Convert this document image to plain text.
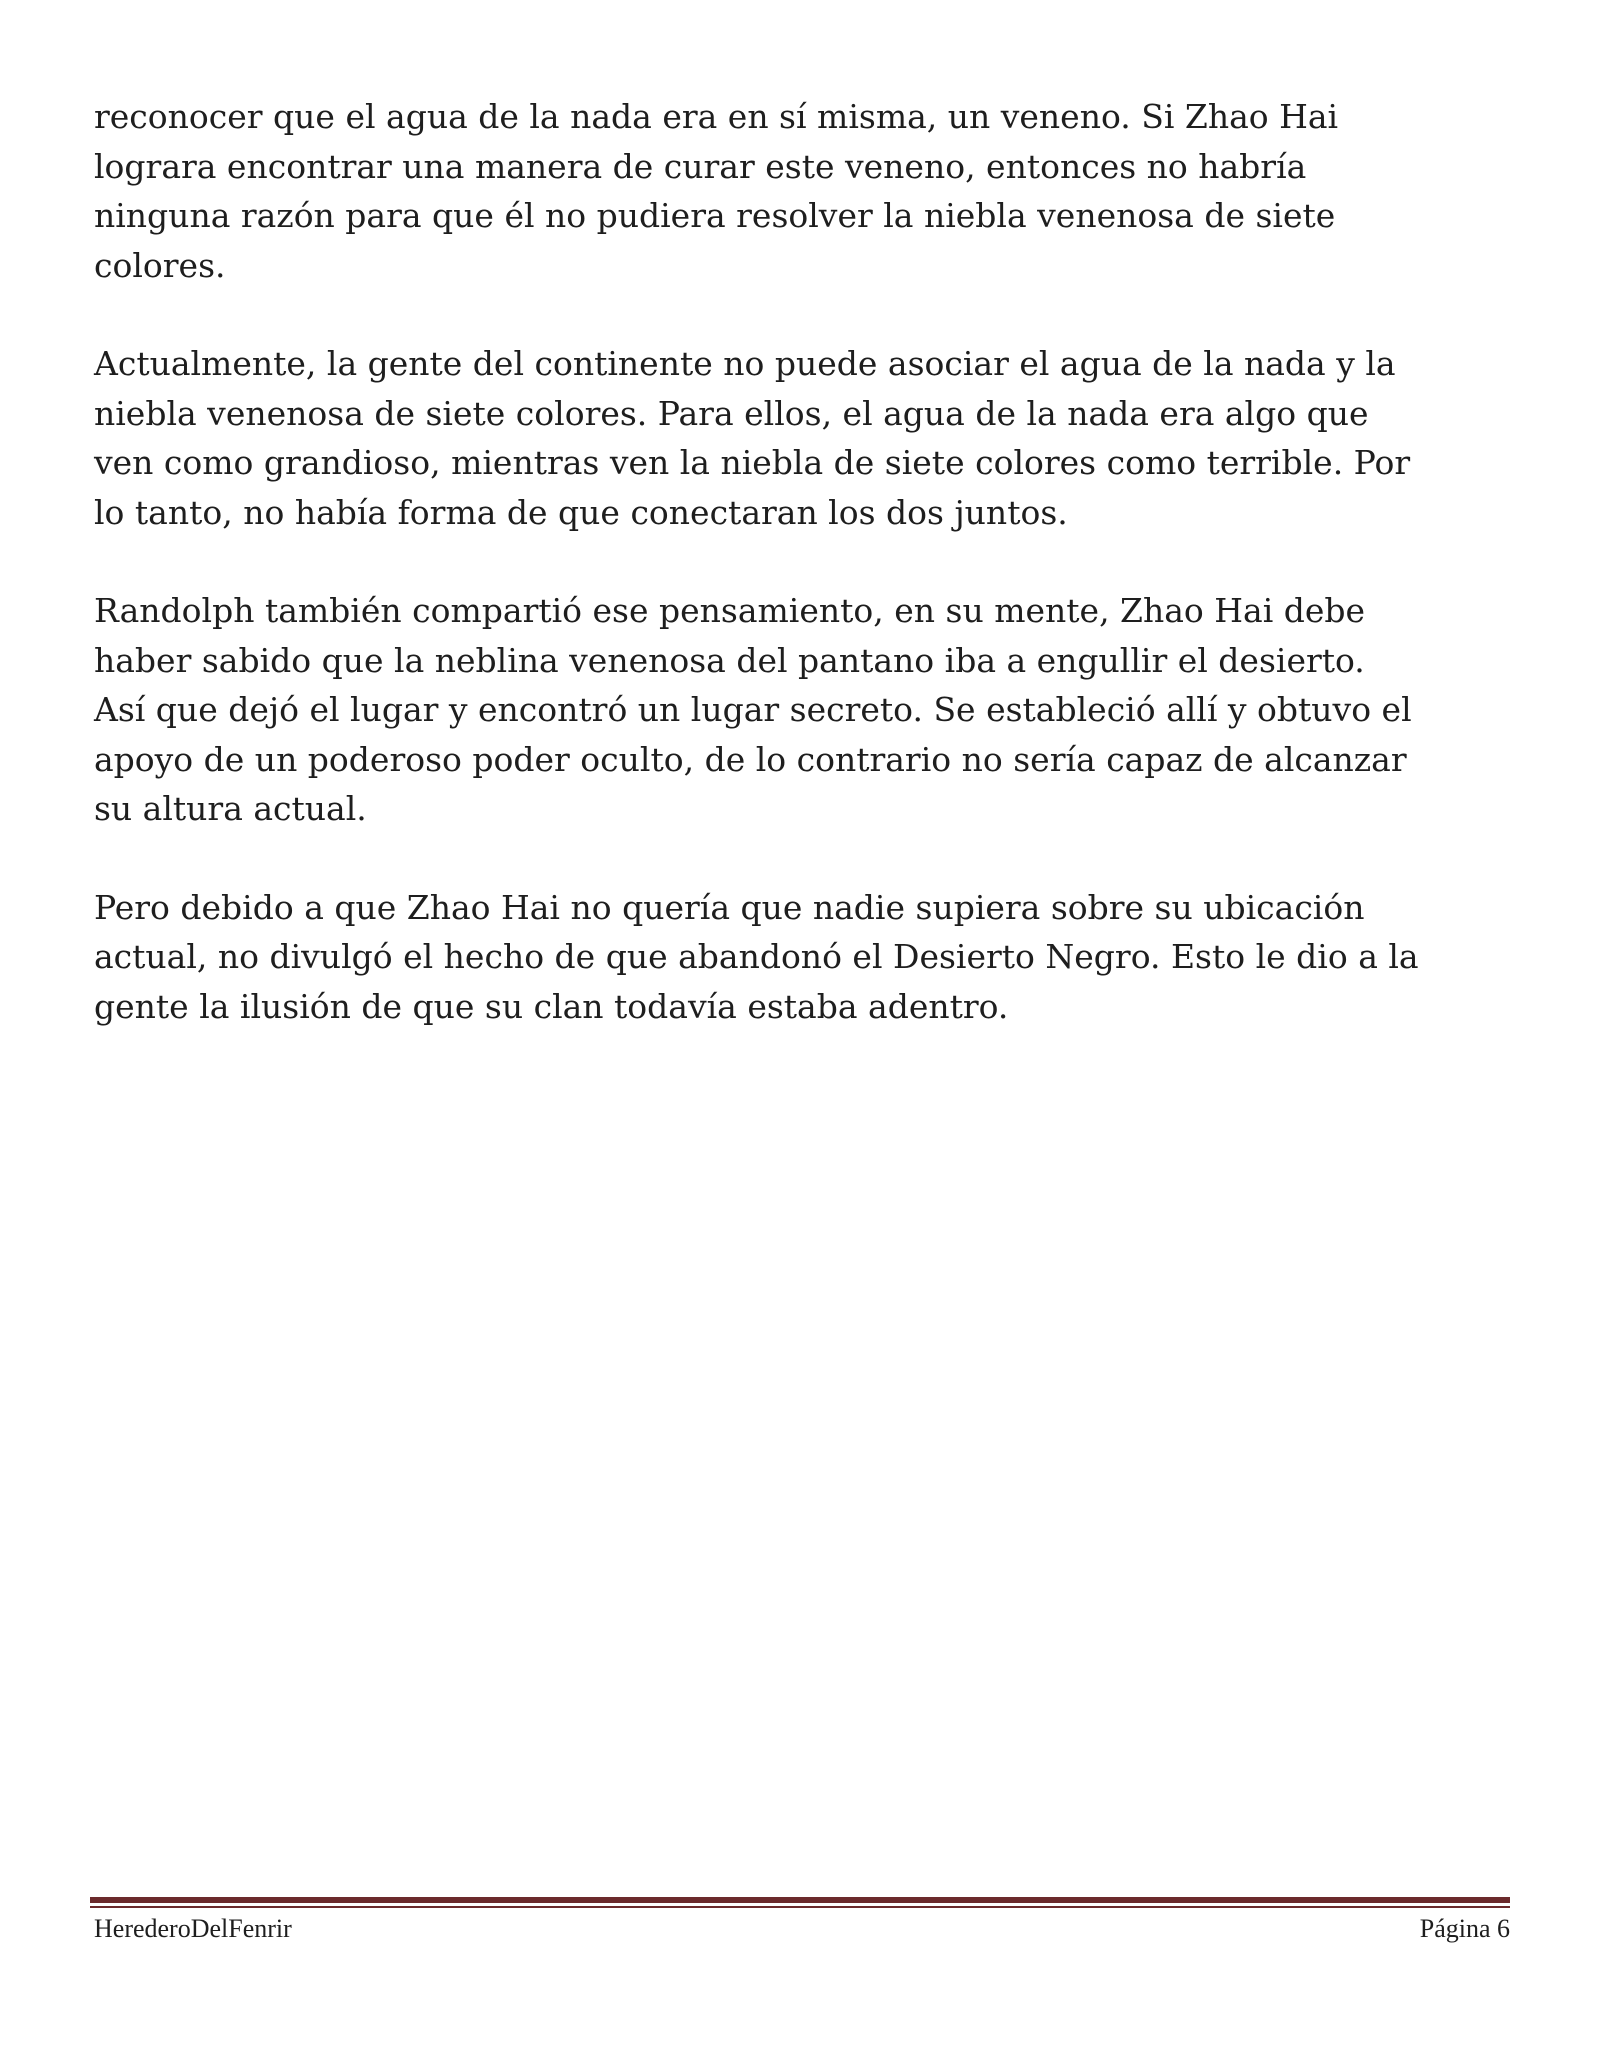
reconocer que el agua de la nada era en sí misma, un veneno. Si Zhao Hai
lograra encontrar una manera de curar este veneno, entonces no habría
ninguna razón para que él no pudiera resolver la niebla venenosa de siete
colores.

Actualmente, la gente del continente no puede asociar el agua de la nada y la
niebla venenosa de siete colores. Para ellos, el agua de la nada era algo que
ven como grandioso, mientras ven la niebla de siete colores como terrible. Por
lo tanto, no había forma de que conectaran los dos juntos.

Randolph también compartió ese pensamiento, en su mente, Zhao Hai debe
haber sabido que la neblina venenosa del pantano iba a engullir el desierto.
Así que dejó el lugar y encontró un lugar secreto. Se estableció allí y obtuvo el
apoyo de un poderoso poder oculto, de lo contrario no sería capaz de alcanzar
su altura actual.

Pero debido a que Zhao Hai no quería que nadie supiera sobre su ubicación
actual, no divulgó el hecho de que abandonó el Desierto Negro. Esto le dio a la
gente la ilusión de que su clan todavía estaba adentro.

HerederoDelFenrir	Página 6
